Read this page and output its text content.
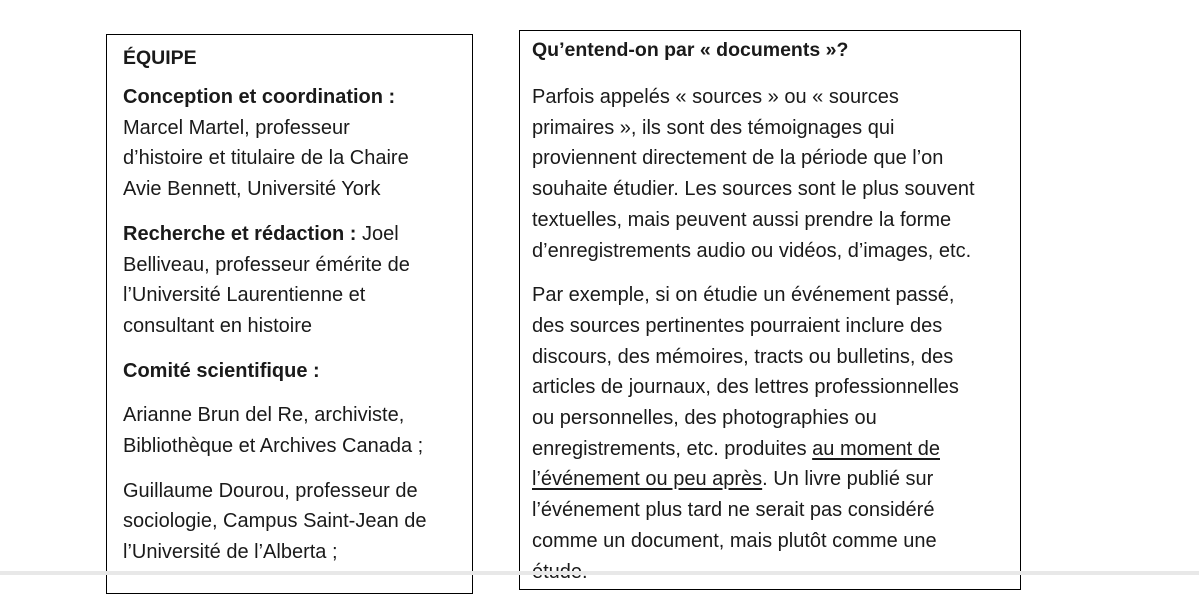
ÉQUIPE

Conception et coordination :
Marcel Martel, professeur
d’histoire et titulaire de la Chaire
Avie Bennett, Université York

Recherche et rédaction : Joel
Belliveau, professeur émérite de
l’Université Laurentienne et
consultant en histoire

Comité scientifique :

Arianne Brun del Re, archiviste,
Bibliothèque et Archives Canada ;

Guillaume Dourou, professeur de
sociologie, Campus Saint-Jean de
l’Université de l’Alberta ;

Qu’entend-on par « documents »?

Parfois appelés « sources » ou « sources
primaires », ils sont des témoignages qui
proviennent directement de la période que l’on
souhaite étudier. Les sources sont le plus souvent
textuelles, mais peuvent aussi prendre la forme
d’enregistrements audio ou vidéos, d’images, etc.

Par exemple, si on étudie un événement passé,
des sources pertinentes pourraient inclure des
discours, des mémoires, tracts ou bulletins, des
articles de journaux, des lettres professionnelles
ou personnelles, des photographies ou
enregistrements, etc. produites au moment de
l’événement ou peu après. Un livre publié sur
l’événement plus tard ne serait pas considéré
comme un document, mais plutôt comme une
